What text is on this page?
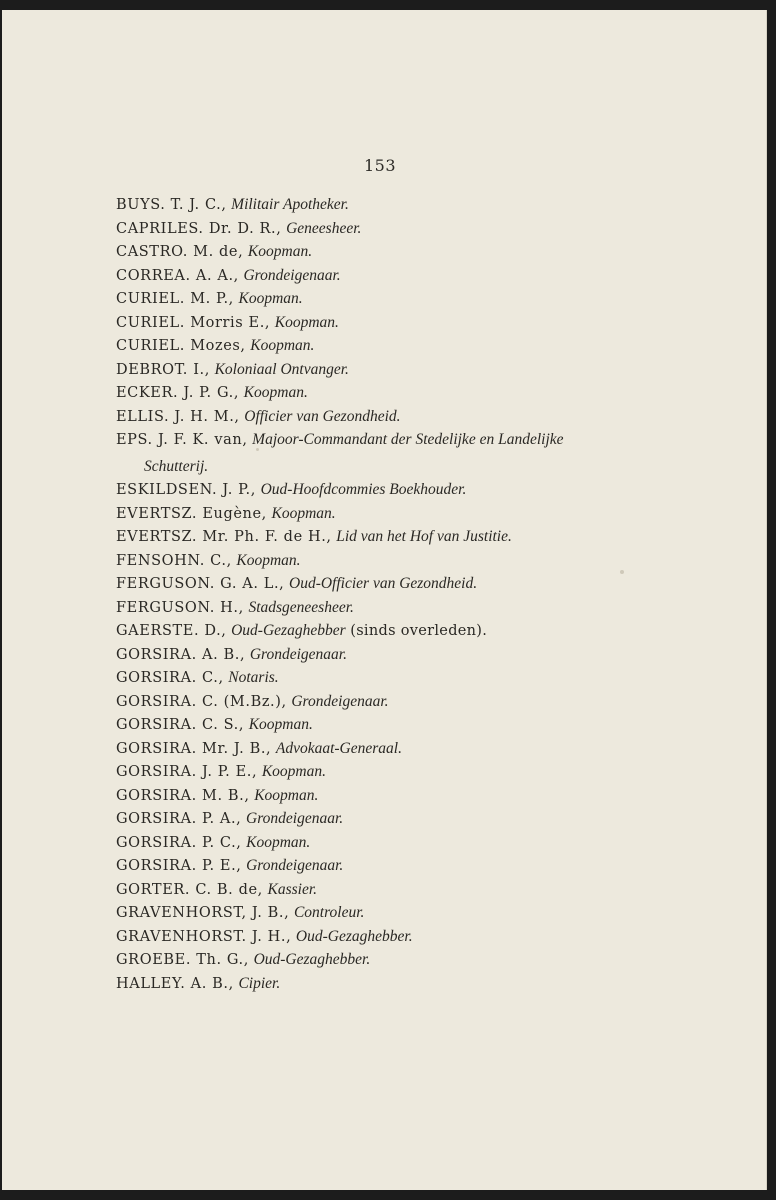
153
BUYS. T. J. C., Militair Apotheker.
CAPRILES. Dr. D. R., Geneesheer.
CASTRO. M. de, Koopman.
CORREA. A. A., Grondeigenaar.
CURIEL. M. P., Koopman.
CURIEL. Morris E., Koopman.
CURIEL. Mozes, Koopman.
DEBROT. I., Koloniaal Ontvanger.
ECKER. J. P. G., Koopman.
ELLIS. J. H. M., Officier van Gezondheid.
EPS. J. F. K. van, Majoor-Commandant der Stedelijke en Landelijke
Schutterij.
ESKILDSEN. J. P., Oud-Hoofdcommies Boekhouder.
EVERTSZ. Eugène, Koopman.
EVERTSZ. Mr. Ph. F. de H., Lid van het Hof van Justitie.
FENSOHN. C., Koopman.
FERGUSON. G. A. L., Oud-Officier van Gezondheid.
FERGUSON. H., Stadsgeneesheer.
GAERSTE. D., Oud-Gezaghebber (sinds overleden).
GORSIRA. A. B., Grondeigenaar.
GORSIRA. C., Notaris.
GORSIRA. C. (M.Bz.), Grondeigenaar.
GORSIRA. C. S., Koopman.
GORSIRA. Mr. J. B., Advokaat-Generaal.
GORSIRA. J. P. E., Koopman.
GORSIRA. M. B., Koopman.
GORSIRA. P. A., Grondeigenaar.
GORSIRA. P. C., Koopman.
GORSIRA. P. E., Grondeigenaar.
GORTER. C. B. de, Kassier.
GRAVENHORST, J. B., Controleur.
GRAVENHORST. J. H., Oud-Gezaghebber.
GROEBE. Th. G., Oud-Gezaghebber.
HALLEY. A. B., Cipier.
